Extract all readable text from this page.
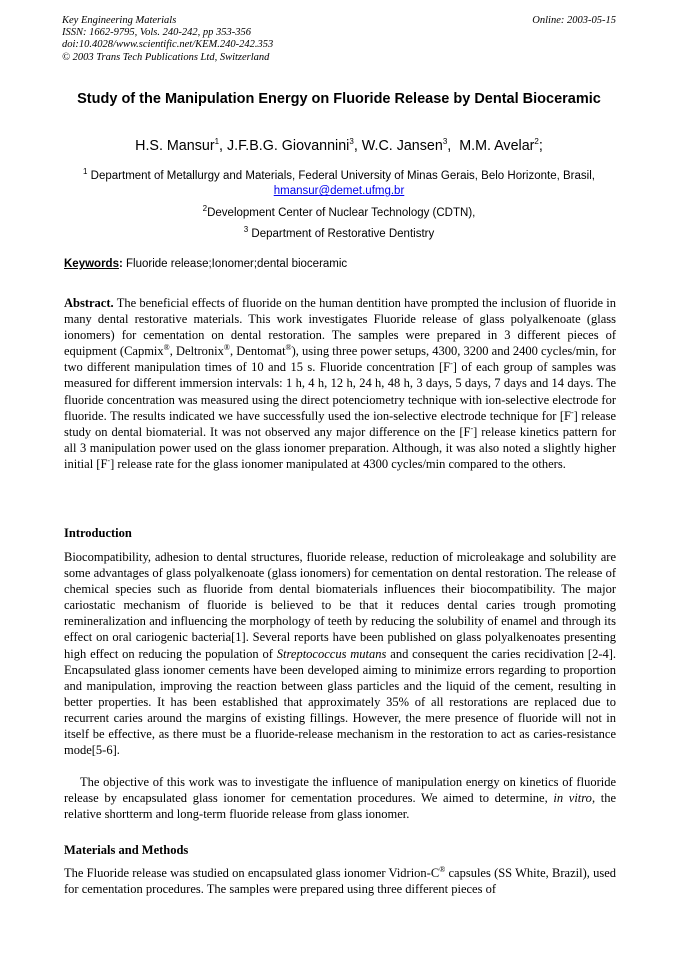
Key Engineering Materials
ISSN: 1662-9795, Vols. 240-242, pp 353-356
doi:10.4028/www.scientific.net/KEM.240-242.353
© 2003 Trans Tech Publications Ltd, Switzerland
Online: 2003-05-15
Study of the Manipulation Energy on Fluoride Release by Dental Bioceramic
H.S. Mansur$^1$, J.F.B.G. Giovannini$^3$, W.C. Jansen$^3$,  M.M. Avelar$^2$;
$^1$ Department of Metallurgy and Materials, Federal University of Minas Gerais, Belo Horizonte, Brasil, hmansur@demet.ufmg.br
$^2$Development Center of Nuclear Technology (CDTN),
$^3$ Department of Restorative Dentistry
Keywords: Fluoride release;Ionomer;dental bioceramic

Abstract. The beneficial effects of fluoride on the human dentition have prompted the inclusion of fluoride in many dental restorative materials. This work investigates Fluoride release of glass polyalkenoate (glass ionomers) for cementation on dental restoration. The samples were prepared in 3 different pieces of equipment (Capmix®, Deltronix®, Dentomat®), using three power setups, 4300, 3200 and 2400 cycles/min, for two different manipulation times of 10 and 15 s. Fluoride concentration [F-] of each group of samples was measured for different immersion intervals: 1 h, 4 h, 12 h, 24 h, 48 h, 3 days, 5 days, 7 days and 14 days. The fluoride concentration was measured using the direct potenciometry technique with ion-selective electrode for fluoride. The results indicated we have successfully used the ion-selective electrode technique for [F-] release study on dental biomaterial. It was not observed any major difference on the [F-] release kinetics pattern for all 3 manipulation power used on the glass ionomer preparation. Although, it was also noted a slightly higher initial [F-] release rate for the glass ionomer manipulated at 4300 cycles/min compared to the others.

Introduction

Biocompatibility, adhesion to dental structures, fluoride release, reduction of microleakage and solubility are some advantages of glass polyalkenoate (glass ionomers) for cementation on dental restoration. The release of chemical species such as fluoride from dental biomaterials influences their biocompatibility. The major cariostatic mechanism of fluoride is believed to be that it reduces dental caries trough promoting remineralization and influencing the morphology of teeth by reducing the solubility of enamel and through its effect on oral cariogenic bacteria[1]. Several reports have been published on glass polyalkenoates presenting high effect on reducing the population of Streptococcus mutans and consequent the caries recidivation [2-4]. Encapsulated glass ionomer cements have been developed aiming to minimize errors regarding to proportion and manipulation, improving the reaction between glass particles and the liquid of the cement, resulting in better properties. It has been established that approximately 35% of all restorations are replaced due to recurrent caries around the margins of existing fillings. However, the mere presence of fluoride will not in itself be effective, as there must be a fluoride-release mechanism in the restoration to act as caries-resistance mode[5-6].

The objective of this work was to investigate the influence of manipulation energy on kinetics of fluoride release by encapsulated glass ionomer for cementation procedures. We aimed to determine, in vitro, the relative shortterm and long-term fluoride release from glass ionomer.

Materials and Methods

The Fluoride release was studied on encapsulated glass ionomer Vidrion-C® capsules (SS White, Brazil), used for cementation procedures. The samples were prepared using three different pieces of
